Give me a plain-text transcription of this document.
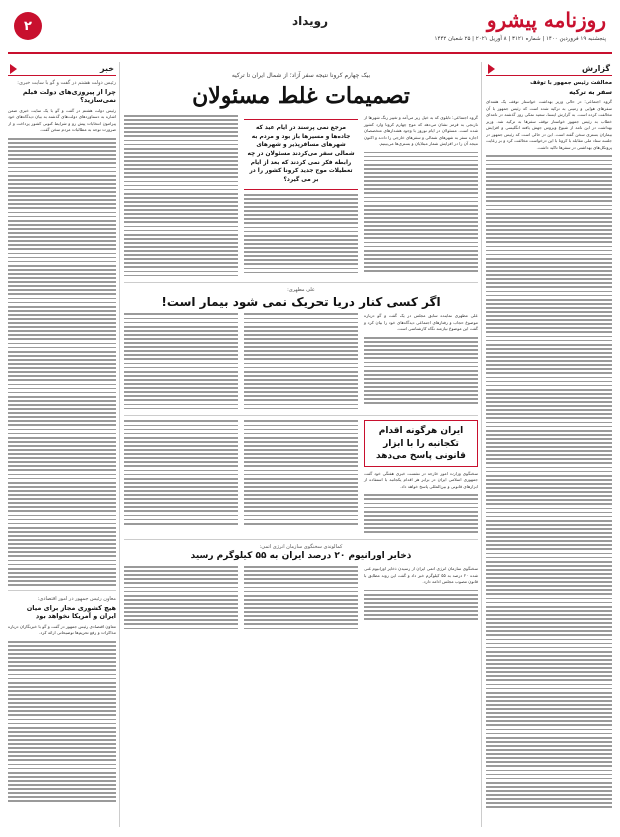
روزنامه پیشرو
پنجشنبه ۱۹ فروردین ۱۴۰۰ | شماره ۳۱۲۱ | ۸ آوریل ۲۰۲۱ | ۲۵ شعبان ۱۴۴۲
رویداد
۲
گزارش
مخالفت رئیس جمهور با توقف
سفر به ترکیه
گروه اجتماعی: در حالی وزیر بهداشت خواستار توقف یک هفته‌ای سفرهای هوایی و زمینی به ترکیه شده است که رئیس جمهور با آن مخالفت کرده است. به گزارش ایسنا، سعید نمکی روز گذشته در نامه‌ای خطاب به رئیس جمهور خواستار توقف سفرها به ترکیه شد. وزیر بهداشت در این نامه از شیوع ویروس جهش یافته انگلیسی و افزایش بیماران بستری سخن گفته است. این در حالی است که رئیس جمهور در جلسه ستاد ملی مقابله با کرونا با این درخواست مخالفت کرد و بر رعایت پروتکل‌های بهداشتی در سفرها تاکید داشت.
خبر
رئیس دولت هشتم در گفت و گو با سایت خبری:
چرا از پیروزی‌های دولت قبلم نمی‌سازید؟
رئیس دولت هشتم در گفت و گو با یک سایت خبری ضمن اشاره به دستاوردهای دولت‌های گذشته به بیان دیدگاه‌های خود پیرامون انتخابات پیش رو و شرایط کنونی کشور پرداخت و از ضرورت توجه به مطالبات مردم سخن گفت.
معاون رئیس جمهور در امور اقتصادی:
هیچ کشوری مجاز برای میان ایران و آمریکا نخواهد بود
معاون اقتصادی رئیس جمهور در گفت و گو با خبرنگاران درباره مذاکرات و رفع تحریم‌ها توضیحاتی ارائه کرد.
بیک چهارم کرونا نتیجه سفر آزاد؛ از شمال ایران تا ترکیه
تصمیمات غلط مسئولان
گروه اجتماعی: تابلوی که به خیل زیر می‌آمد و تغییر رنگ شهرها از نارنجی به قرمز نشان می‌دهد که موج چهارم کرونا وارد کشور شده است. مسئولان در ایام نوروز با وجود هشدارهای متخصصان اجازه سفر به شهرهای شمالی و سفرهای خارجی را دادند و اکنون نتیجه آن را در افزایش شمار مبتلایان و بستری‌ها می‌بینیم.
مرجع نمی پرسند در ایام عید که جاده‌ها و مسیرها باز بود و مردم به شهرهای مسافرپذیر و شهرهای شمالی سفر می‌کردند مسئولان در چه رابطه فکر نمی کردند که بعد از ایام تعطیلات موج جدید کرونا کشور را در بر می گیرد؟
علی مطهری:
اگر کسی کنار دریا تحریک نمی شود بیمار است!
علی مطهری نماینده سابق مجلس در یک گفت و گو درباره موضوع حجاب و رفتارهای اجتماعی دیدگاه‌های خود را بیان کرد و گفت این موضوع نیازمند نگاه کارشناسی است.
ایران هرگونه اقدام تکجانبه را با ابزار قانونی پاسخ می‌دهد
سخنگوی وزارت امور خارجه در نشست خبری هفتگی خود گفت جمهوری اسلامی ایران در برابر هر اقدام یکجانبه با استفاده از ابزارهای قانونی و بین‌المللی پاسخ خواهد داد.
کمالوندی سخنگوی سازمان انرژی اتمی:
ذخایر اورانیوم ۲۰ درصد ایران به ۵۵ کیلوگرم رسید
سخنگوی سازمان انرژی اتمی ایران از رسیدن ذخایر اورانیوم غنی شده ۲۰ درصد به ۵۵ کیلوگرم خبر داد و گفت این روند مطابق با قانون مصوب مجلس ادامه دارد.
